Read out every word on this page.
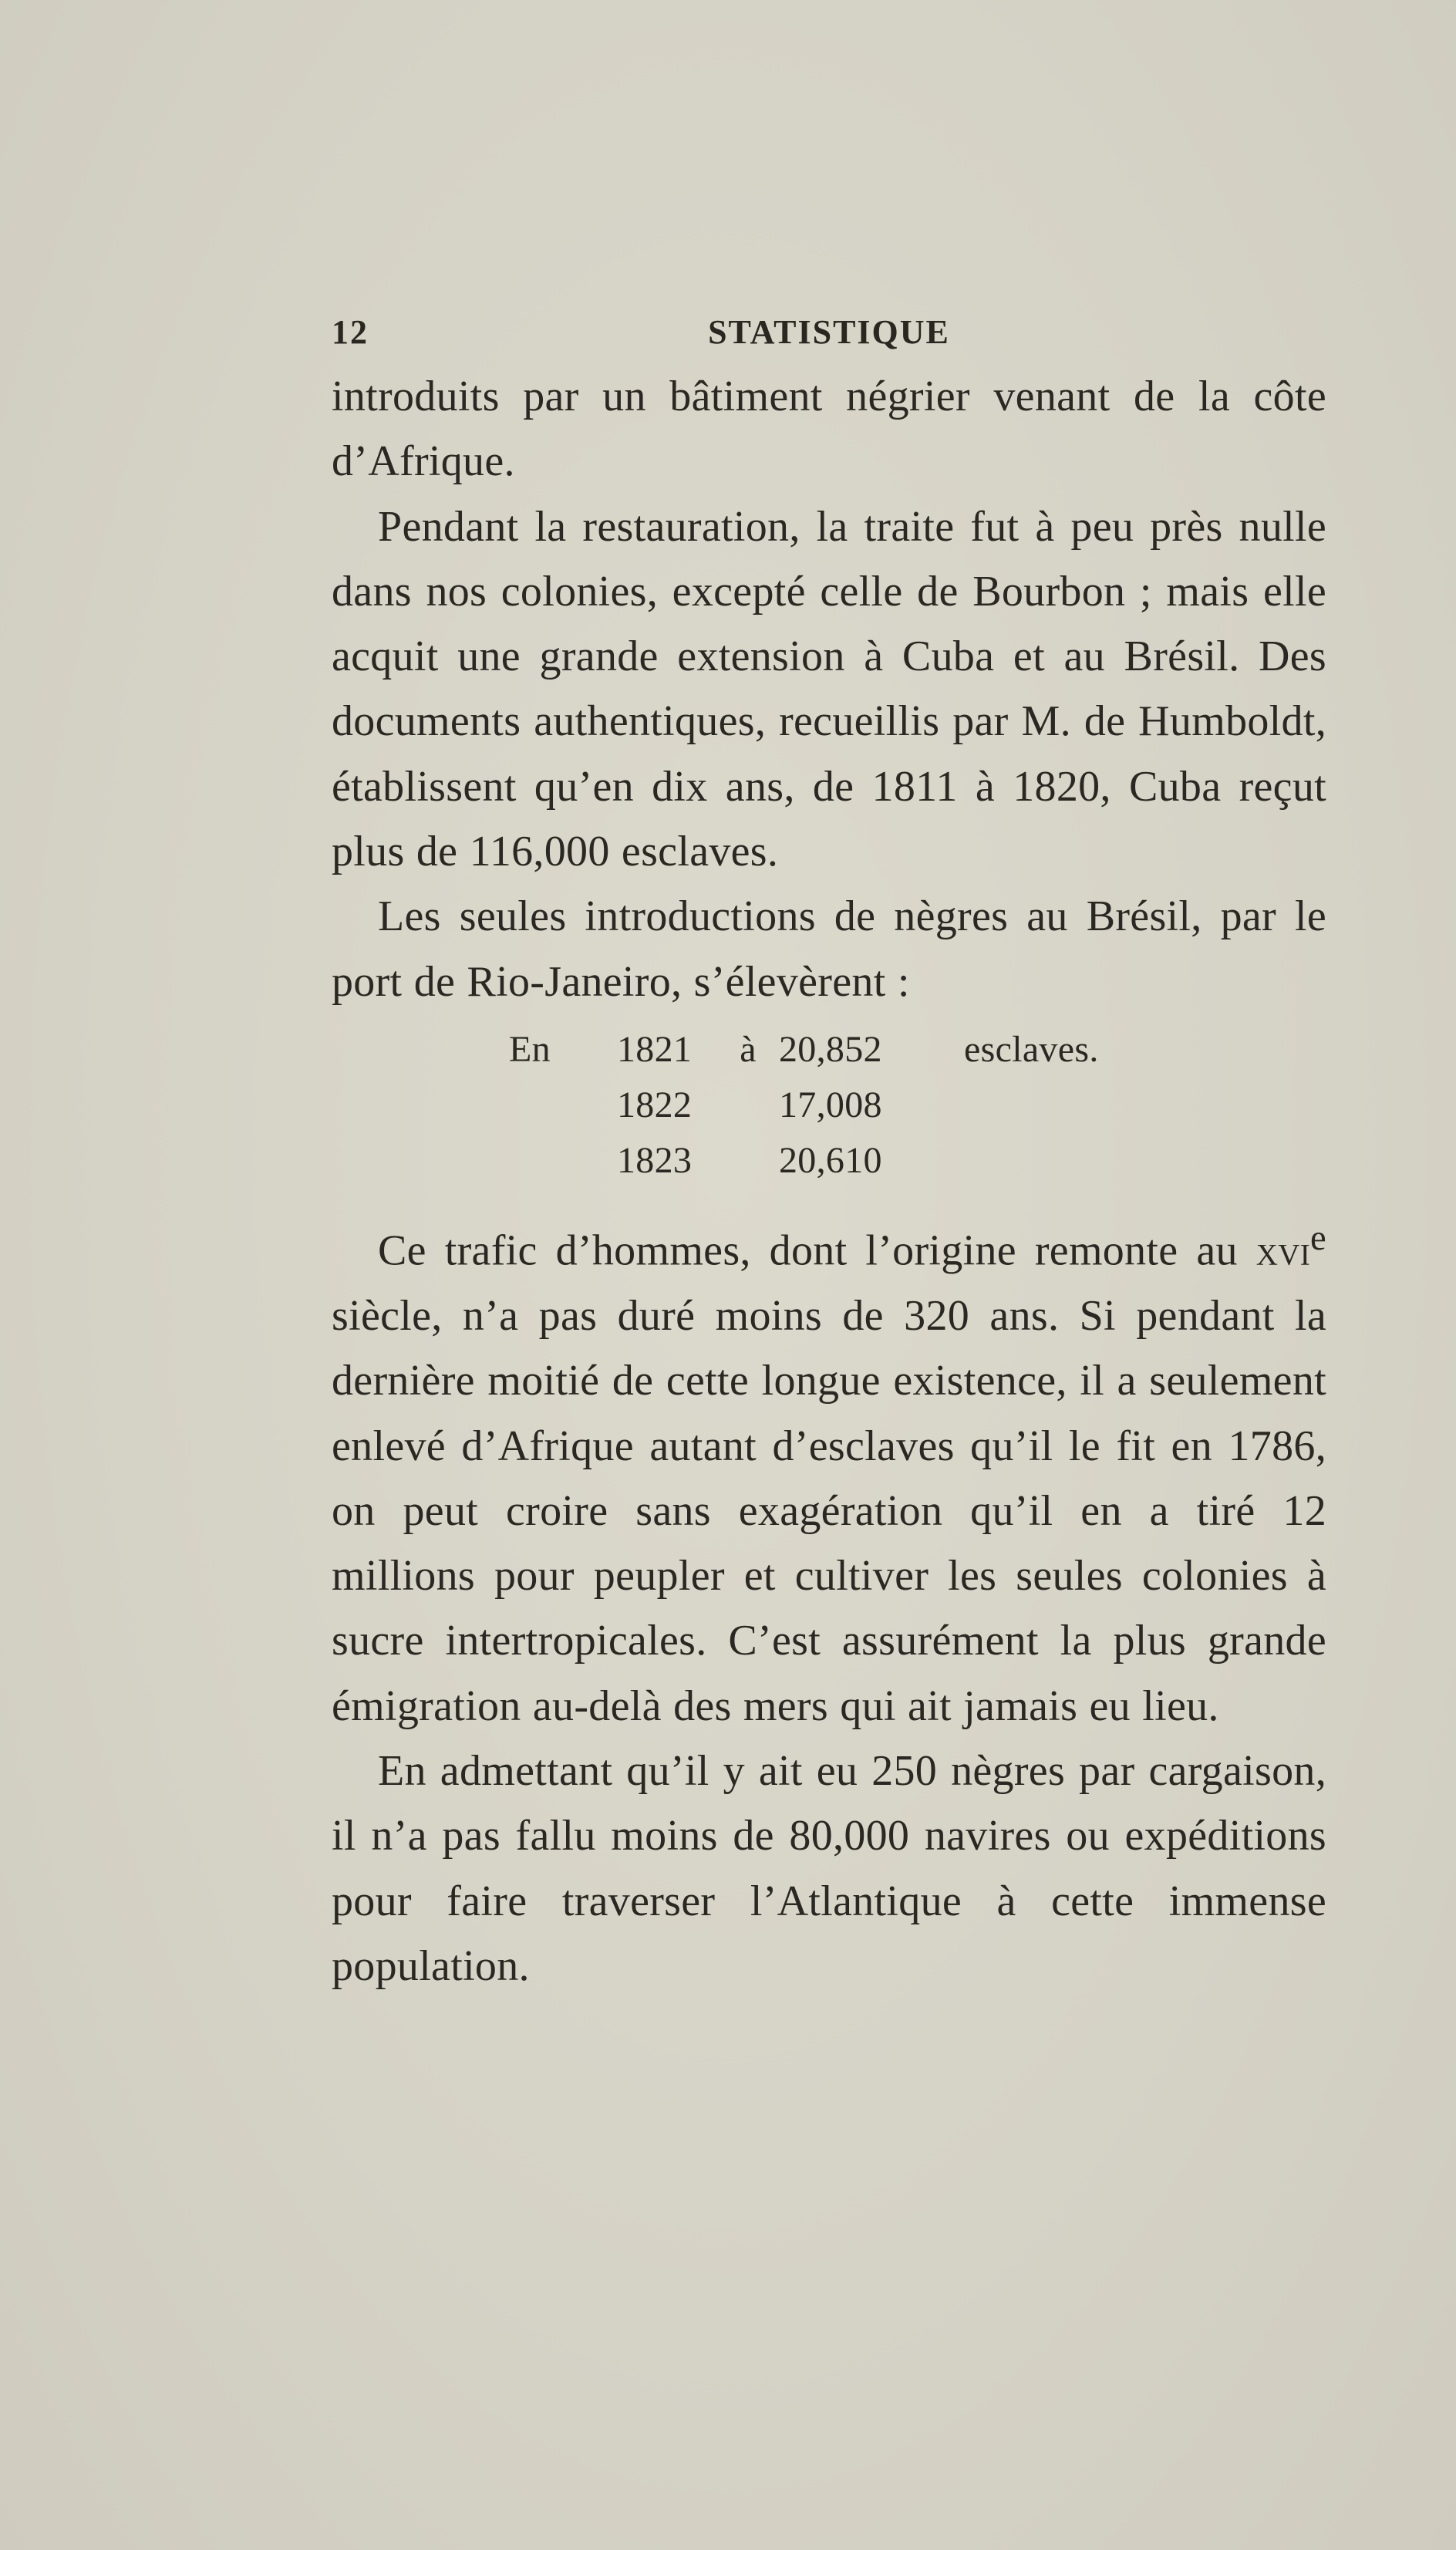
12	STATISTIQUE

introduits par un bâtiment négrier venant de la côte d’Afrique.

Pendant la restauration, la traite fut à peu près nulle dans nos colonies, excepté celle de Bourbon ; mais elle acquit une grande extension à Cuba et au Brésil. Des documents authentiques, recueillis par M. de Humboldt, établissent qu’en dix ans, de 1811 à 1820, Cuba reçut plus de 116,000 esclaves.

Les seules introductions de nègres au Brésil, par le port de Rio-Janeiro, s’élevèrent :

En	1821	à 20,852	esclaves.
1822	17,008
1823	20,610

Ce trafic d’hommes, dont l’origine remonte au xvi$^e$ siècle, n’a pas duré moins de 320 ans. Si pendant la dernière moitié de cette longue existence, il a seulement enlevé d’Afrique autant d’esclaves qu’il le fit en 1786, on peut croire sans exagération qu’il en a tiré 12 millions pour peupler et cultiver les seules colonies à sucre intertropicales. C’est assurément la plus grande émigration au-delà des mers qui ait jamais eu lieu.

En admettant qu’il y ait eu 250 nègres par cargaison, il n’a pas fallu moins de 80,000 navires ou expéditions pour faire traverser l’Atlantique à cette immense population.
